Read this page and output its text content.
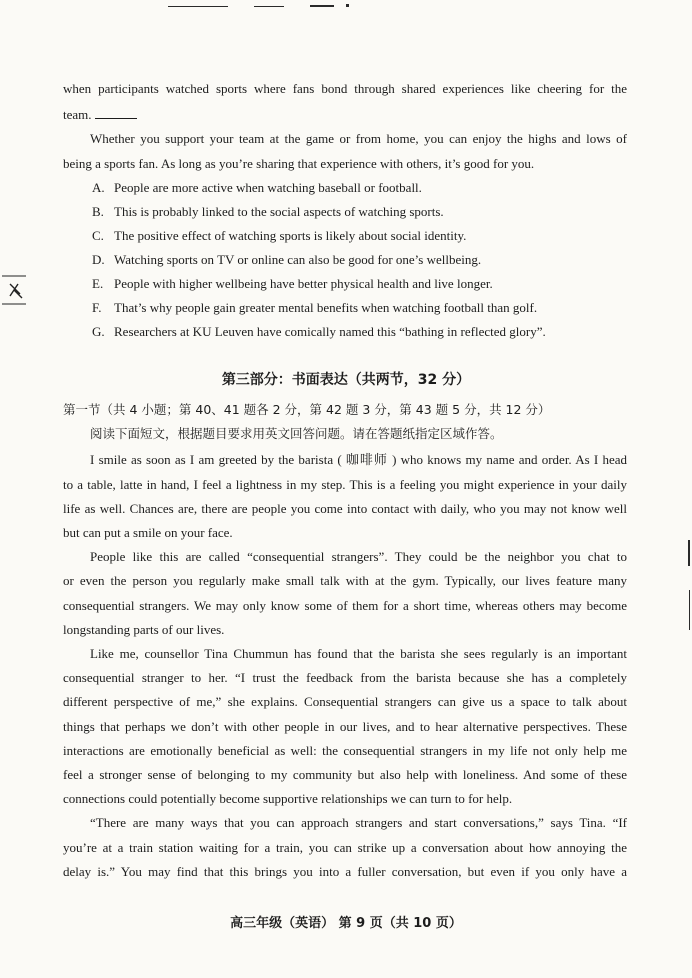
when participants watched sports where fans bond through shared experiences like cheering for the
team.
Whether you support your team at the game or from home, you can enjoy the highs and lows of
being a sports fan. As long as you’re sharing that experience with others, it’s good for you.
A. People are more active when watching baseball or football.
B. This is probably linked to the social aspects of watching sports.
C. The positive effect of watching sports is likely about social identity.
D. Watching sports on TV or online can also be good for one’s wellbeing.
E. People with higher wellbeing have better physical health and live longer.
F. That’s why people gain greater mental benefits when watching football than golf.
G. Researchers at KU Leuven have comically named this “bathing in reflected glory”.
第三部分：书面表达（共两节，32 分）
第一节（共 4 小题；第 40、41 题各 2 分，第 42 题 3 分，第 43 题 5 分，共 12 分）
阅读下面短文，根据题目要求用英文回答问题。请在答题纸指定区域作答。
I smile as soon as I am greeted by the barista ( 咖啡师 ) who knows my name and order. As I head
to a table, latte in hand, I feel a lightness in my step. This is a feeling you might experience in your daily
life as well. Chances are, there are people you come into contact with daily, who you may not know well
but can put a smile on your face.
People like this are called “consequential strangers”. They could be the neighbor you chat to
or even the person you regularly make small talk with at the gym. Typically, our lives feature many
consequential strangers. We may only know some of them for a short time, whereas others may become
longstanding parts of our lives.
Like me, counsellor Tina Chummun has found that the barista she sees regularly is an important
consequential stranger to her. “I trust the feedback from the barista because she has a completely
different perspective of me,” she explains. Consequential strangers can give us a space to talk about
things that perhaps we don’t with other people in our lives, and to hear alternative perspectives. These
interactions are emotionally beneficial as well: the consequential strangers in my life not only help me
feel a stronger sense of belonging to my community but also help with loneliness. And some of these
connections could potentially become supportive relationships we can turn to for help.
“There are many ways that you can approach strangers and start conversations,” says Tina. “If
you’re at a train station waiting for a train, you can strike up a conversation about how annoying the
delay is.” You may find that this brings you into a fuller conversation, but even if you only have a
高三年级（英语） 第 9 页（共 10 页）
